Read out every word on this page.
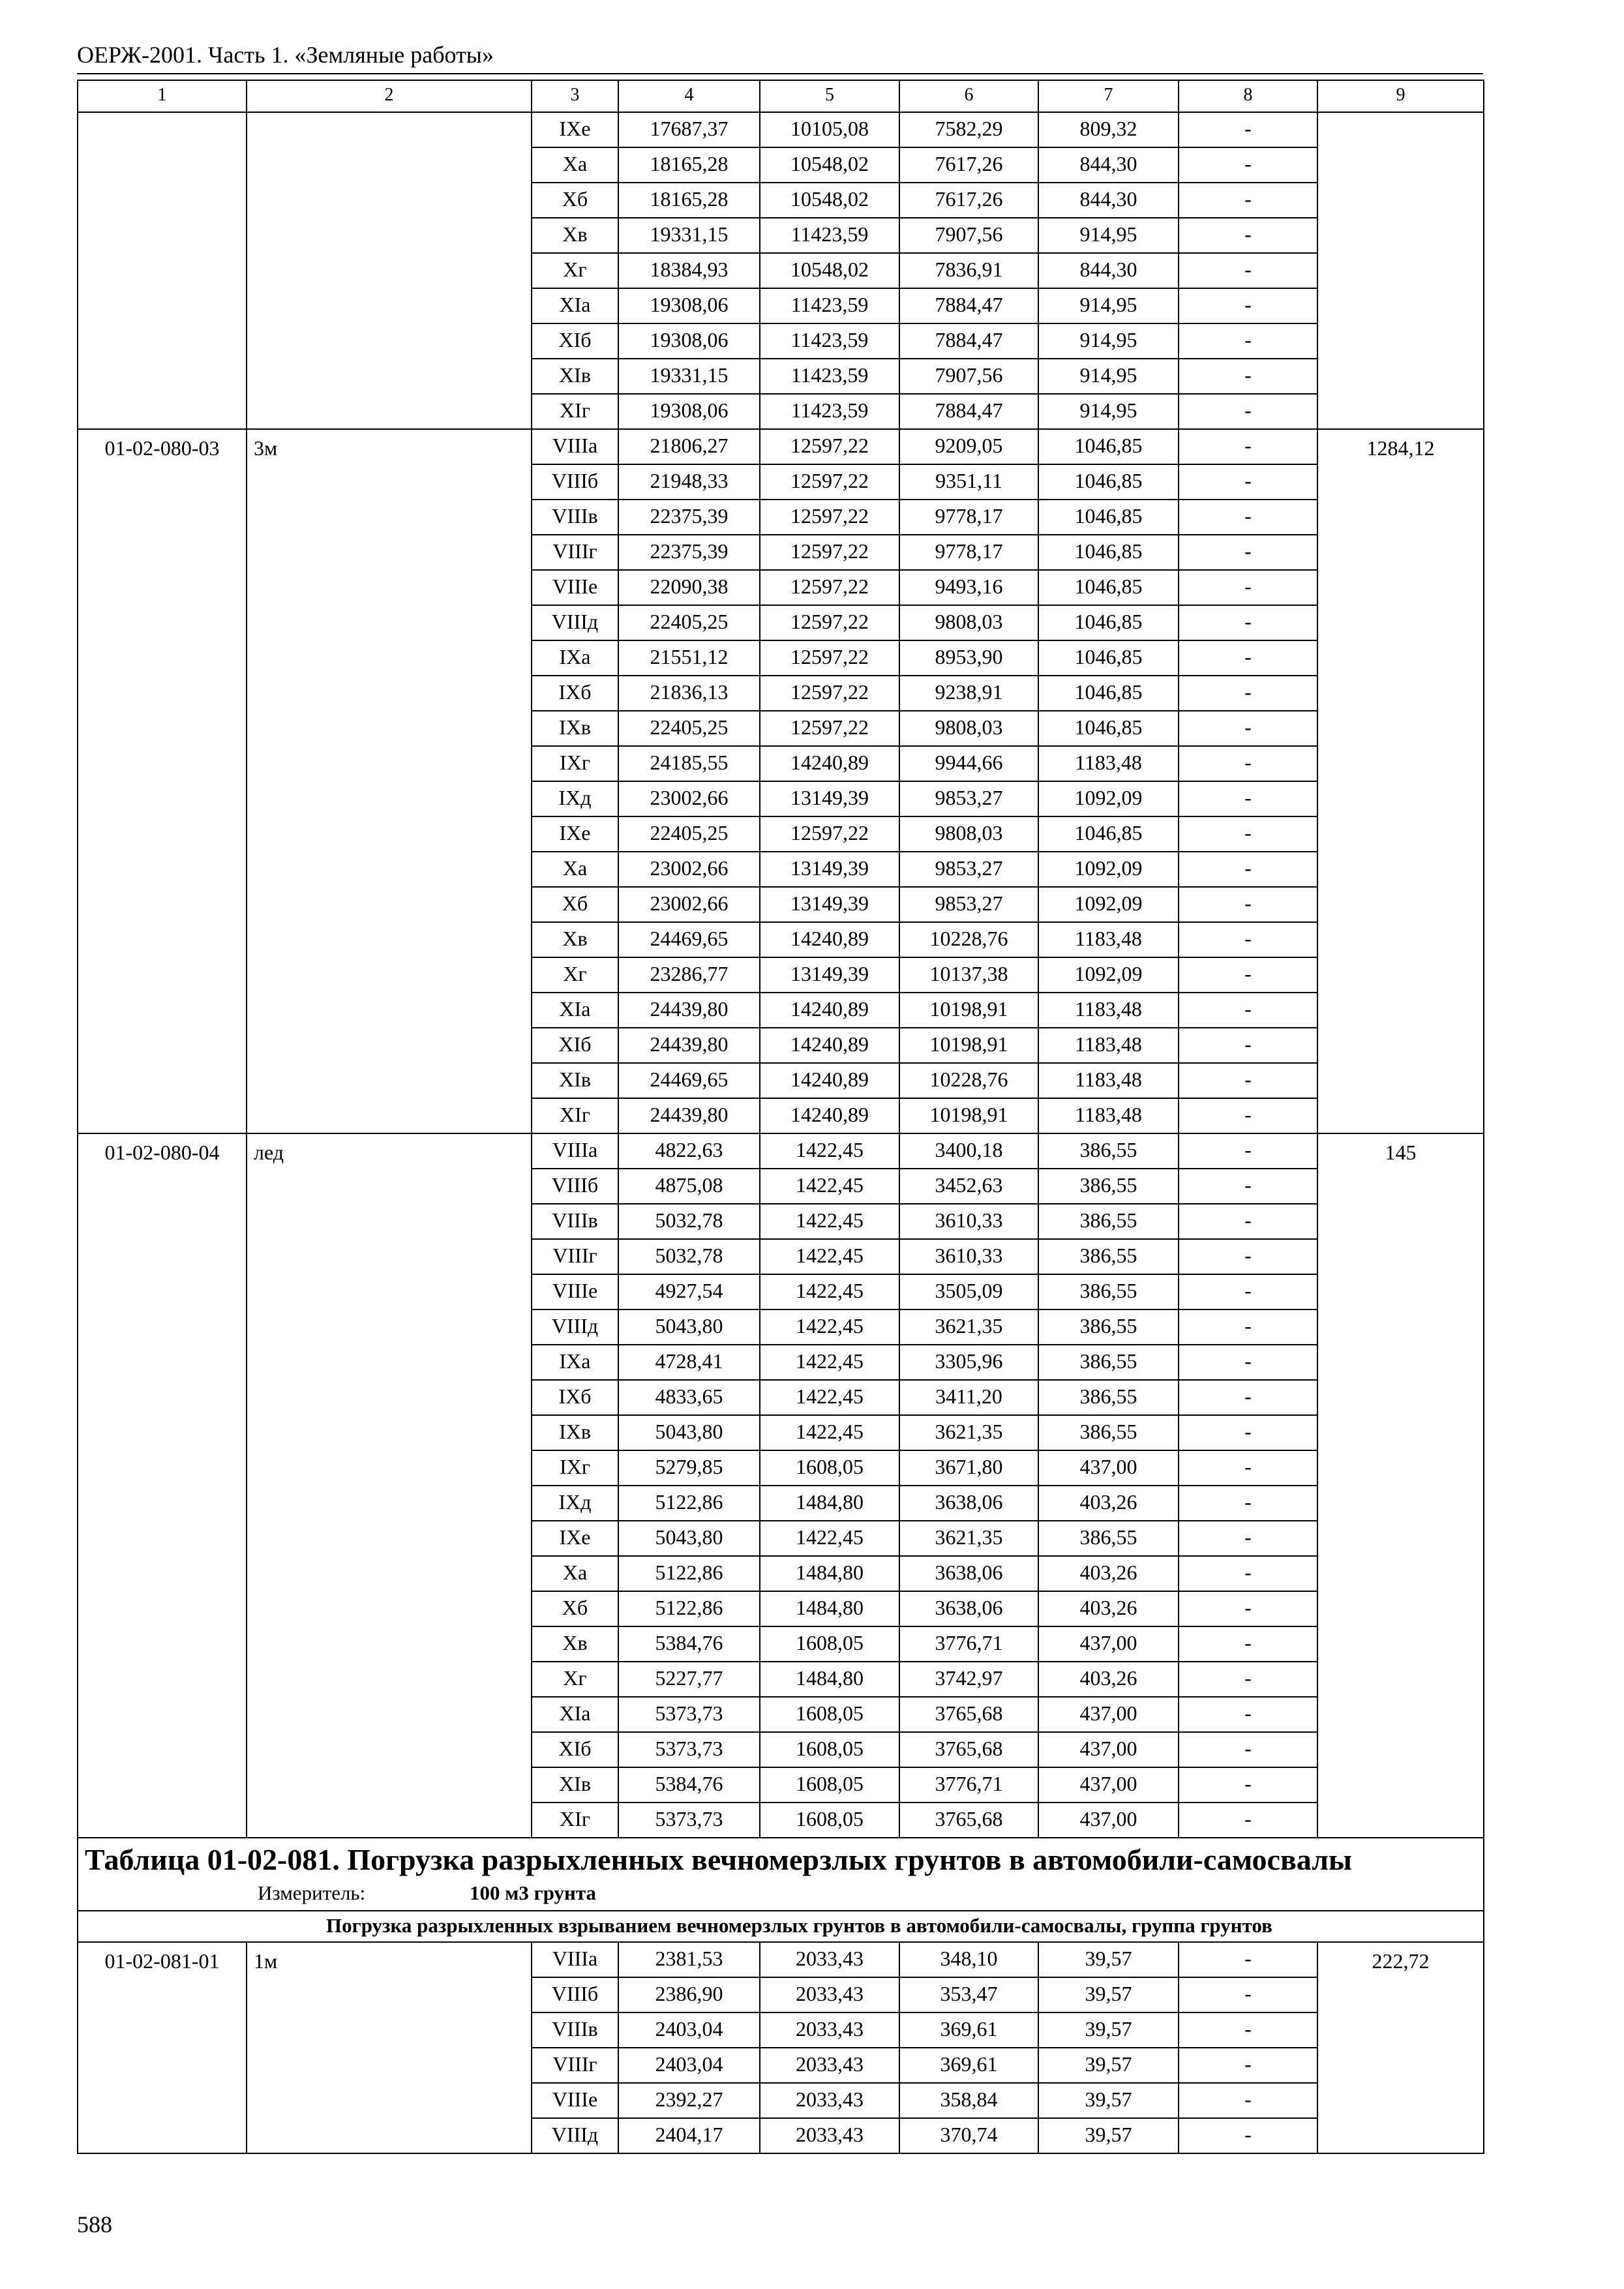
ОЕРЖ-2001. Часть 1. «Земляные работы»
1	2	3	4	5	6	7	8	9
		IXe	17687,37	10105,08	7582,29	809,32	-	
		Xa	18165,28	10548,02	7617,26	844,30	-	
		Xб	18165,28	10548,02	7617,26	844,30	-	
		Xв	19331,15	11423,59	7907,56	914,95	-	
		Xг	18384,93	10548,02	7836,91	844,30	-	
		XIa	19308,06	11423,59	7884,47	914,95	-	
		XIб	19308,06	11423,59	7884,47	914,95	-	
		XIв	19331,15	11423,59	7907,56	914,95	-	
		XIг	19308,06	11423,59	7884,47	914,95	-	
01-02-080-03	3м	VIIIa	21806,27	12597,22	9209,05	1046,85	-	1284,12
		VIIIб	21948,33	12597,22	9351,11	1046,85	-	
		VIIIв	22375,39	12597,22	9778,17	1046,85	-	
		VIIIг	22375,39	12597,22	9778,17	1046,85	-	
		VIIIe	22090,38	12597,22	9493,16	1046,85	-	
		VIIIд	22405,25	12597,22	9808,03	1046,85	-	
		IXa	21551,12	12597,22	8953,90	1046,85	-	
		IXб	21836,13	12597,22	9238,91	1046,85	-	
		IXв	22405,25	12597,22	9808,03	1046,85	-	
		IXг	24185,55	14240,89	9944,66	1183,48	-	
		IXд	23002,66	13149,39	9853,27	1092,09	-	
		IXe	22405,25	12597,22	9808,03	1046,85	-	
		Xa	23002,66	13149,39	9853,27	1092,09	-	
		Xб	23002,66	13149,39	9853,27	1092,09	-	
		Xв	24469,65	14240,89	10228,76	1183,48	-	
		Xг	23286,77	13149,39	10137,38	1092,09	-	
		XIa	24439,80	14240,89	10198,91	1183,48	-	
		XIб	24439,80	14240,89	10198,91	1183,48	-	
		XIв	24469,65	14240,89	10228,76	1183,48	-	
		XIг	24439,80	14240,89	10198,91	1183,48	-	
01-02-080-04	лед	VIIIa	4822,63	1422,45	3400,18	386,55	-	145
		VIIIб	4875,08	1422,45	3452,63	386,55	-	
		VIIIв	5032,78	1422,45	3610,33	386,55	-	
		VIIIг	5032,78	1422,45	3610,33	386,55	-	
		VIIIe	4927,54	1422,45	3505,09	386,55	-	
		VIIIд	5043,80	1422,45	3621,35	386,55	-	
		IXa	4728,41	1422,45	3305,96	386,55	-	
		IXб	4833,65	1422,45	3411,20	386,55	-	
		IXв	5043,80	1422,45	3621,35	386,55	-	
		IXг	5279,85	1608,05	3671,80	437,00	-	
		IXд	5122,86	1484,80	3638,06	403,26	-	
		IXe	5043,80	1422,45	3621,35	386,55	-	
		Xa	5122,86	1484,80	3638,06	403,26	-	
		Xб	5122,86	1484,80	3638,06	403,26	-	
		Xв	5384,76	1608,05	3776,71	437,00	-	
		Xг	5227,77	1484,80	3742,97	403,26	-	
		XIa	5373,73	1608,05	3765,68	437,00	-	
		XIб	5373,73	1608,05	3765,68	437,00	-	
		XIв	5384,76	1608,05	3776,71	437,00	-	
		XIг	5373,73	1608,05	3765,68	437,00	-	

Таблица 01-02-081. Погрузка разрыхленных вечномерзлых грунтов в автомобили-самосвалы
Измеритель: 100 м3 грунта								

Погрузка разрыхленных взрыванием вечномерзлых грунтов в автомобили-самосвалы, группа грунтов								
01-02-081-01	1м	VIIIa	2381,53	2033,43	348,10	39,57	-	222,72
		VIIIб	2386,90	2033,43	353,47	39,57	-	
		VIIIв	2403,04	2033,43	369,61	39,57	-	
		VIIIг	2403,04	2033,43	369,61	39,57	-	
		VIIIe	2392,27	2033,43	358,84	39,57	-	
		VIIIд	2404,17	2033,43	370,74	39,57	-	
588
